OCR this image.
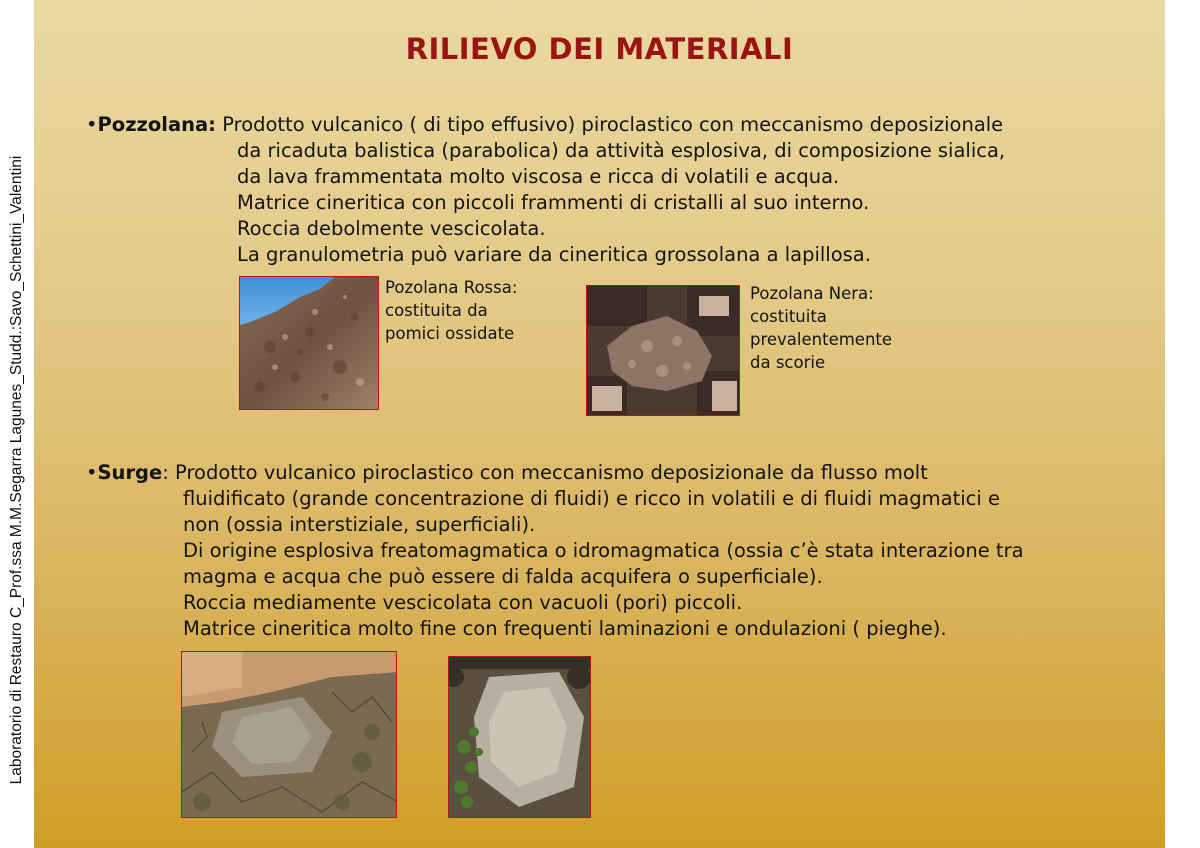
Laboratorio di Restauro C_Prof.ssa M.M.Segarra Lagunes_Studd.:Savo_Schettini_Valentini
RILIEVO DEI MATERIALI
•Pozzolana: Prodotto vulcanico ( di tipo effusivo) piroclastico con meccanismo deposizionale
da ricaduta balistica (parabolica) da attività esplosiva, di composizione sialica,
da lava frammentata molto viscosa e ricca di volatili e acqua.
Matrice cineritica con piccoli frammenti di cristalli al suo interno.
Roccia debolmente vescicolata.
La granulometria può variare da cineritica grossolana a lapillosa.
Pozolana Rossa:
costituita da
pomici ossidate
Pozolana Nera:
costituita
prevalentemente
da scorie
•Surge: Prodotto vulcanico piroclastico con meccanismo deposizionale da flusso molt
fluidificato (grande concentrazione di fluidi) e ricco in volatili e di fluidi magmatici e
non (ossia interstiziale, superficiali).
Di origine esplosiva freatomagmatica o idromagmatica (ossia c’è stata interazione tra
magma e acqua che può essere di falda acquifera o superficiale).
Roccia mediamente vescicolata con vacuoli (pori) piccoli.
Matrice cineritica molto fine con frequenti laminazioni e ondulazioni ( pieghe).
